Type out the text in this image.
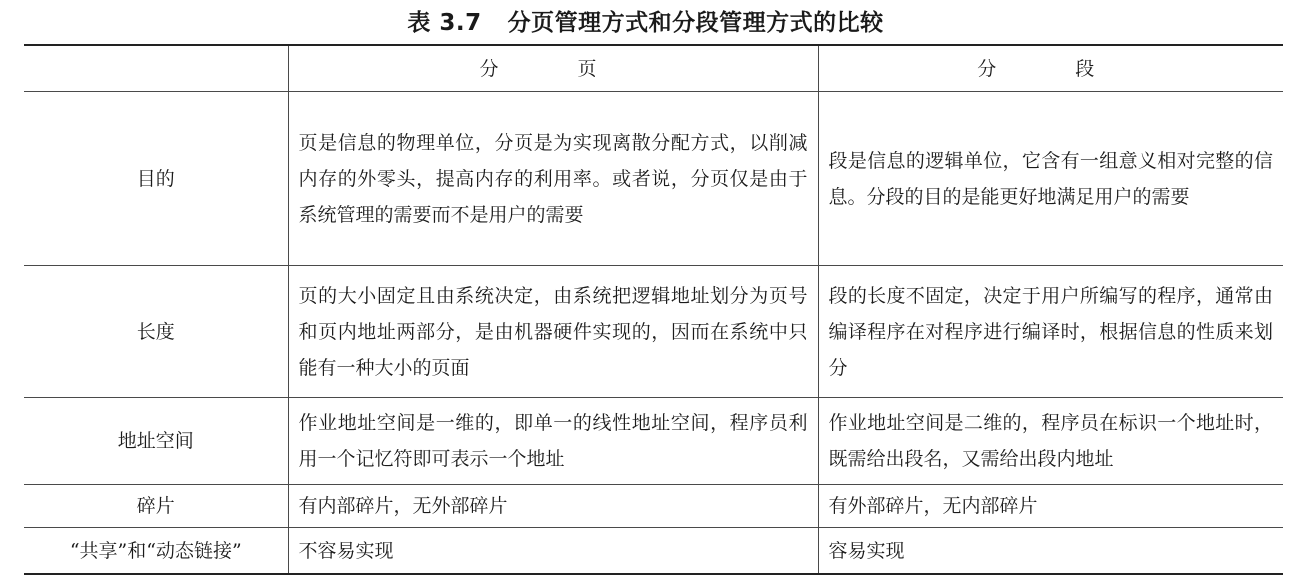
表 3.7 分页管理方式和分段管理方式的比较
	分　页	分　段
目的	页是信息的物理单位，分页是为实现离散分配方式，以削减内存的外零头，提高内存的利用率。或者说，分页仅是由于系统管理的需要而不是用户的需要	段是信息的逻辑单位，它含有一组意义相对完整的信息。分段的目的是能更好地满足用户的需要
长度	页的大小固定且由系统决定，由系统把逻辑地址划分为页号和页内地址两部分，是由机器硬件实现的，因而在系统中只能有一种大小的页面	段的长度不固定，决定于用户所编写的程序，通常由编译程序在对程序进行编译时，根据信息的性质来划分
地址空间	作业地址空间是一维的，即单一的线性地址空间，程序员利用一个记忆符即可表示一个地址	作业地址空间是二维的，程序员在标识一个地址时，既需给出段名，又需给出段内地址
碎片	有内部碎片，无外部碎片	有外部碎片，无内部碎片
“共享”和“动态链接”	不容易实现	容易实现
